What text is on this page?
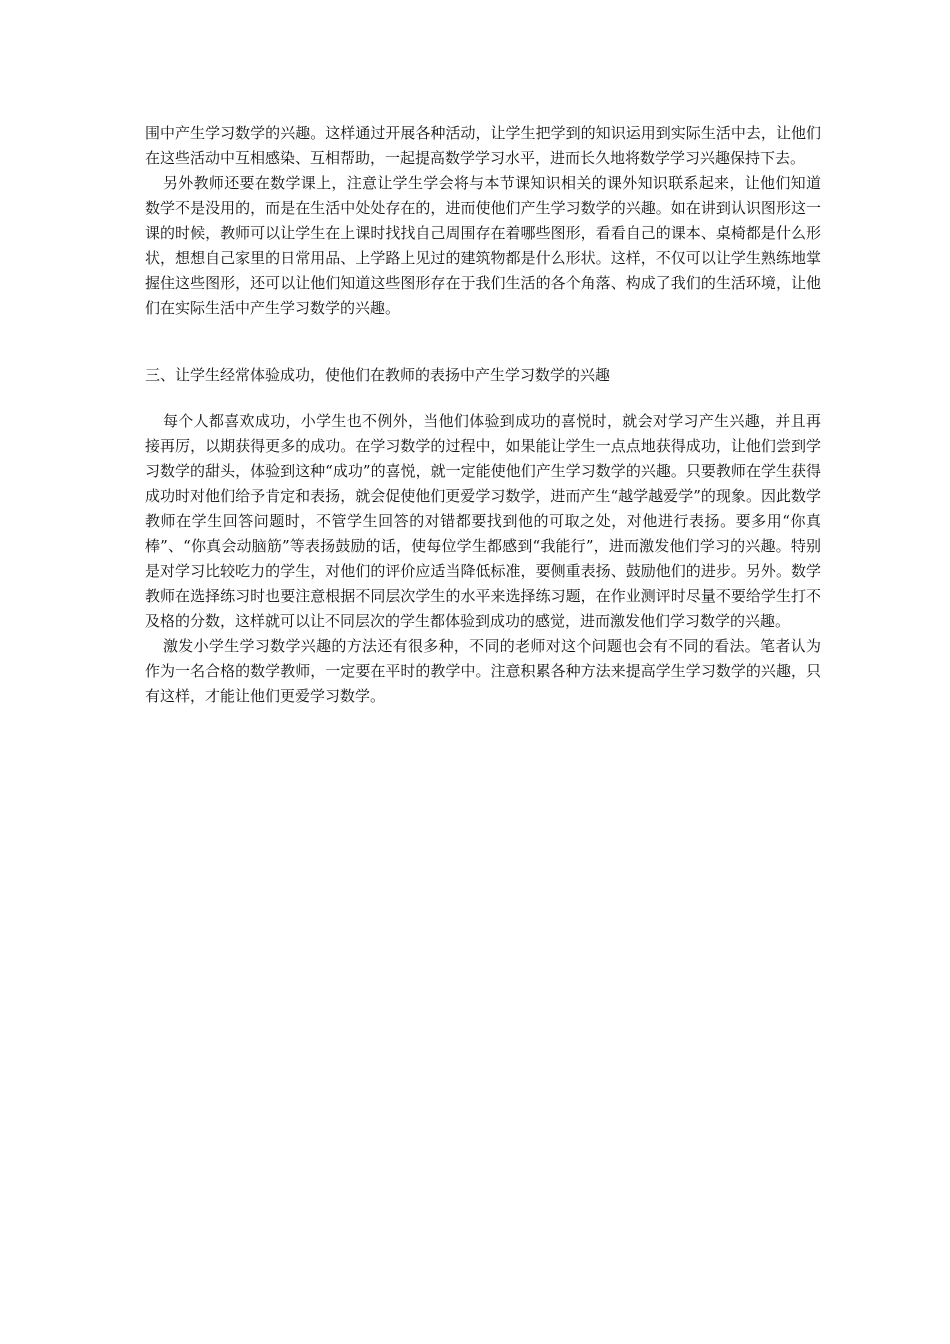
围中产生学习数学的兴趣。这样通过开展各种活动，让学生把学到的知识运用到实际生活中去，让他们在这些活动中互相感染、互相帮助，一起提高数学学习水平，进而长久地将数学学习兴趣保持下去。

另外教师还要在数学课上，注意让学生学会将与本节课知识相关的课外知识联系起来，让他们知道数学不是没用的，而是在生活中处处存在的，进而使他们产生学习数学的兴趣。如在讲到认识图形这一课的时候，教师可以让学生在上课时找找自己周围存在着哪些图形，看看自己的课本、桌椅都是什么形状，想想自己家里的日常用品、上学路上见过的建筑物都是什么形状。这样，不仅可以让学生熟练地掌握住这些图形，还可以让他们知道这些图形存在于我们生活的各个角落、构成了我们的生活环境，让他们在实际生活中产生学习数学的兴趣。

三、让学生经常体验成功，使他们在教师的表扬中产生学习数学的兴趣

每个人都喜欢成功，小学生也不例外，当他们体验到成功的喜悦时，就会对学习产生兴趣，并且再接再厉，以期获得更多的成功。在学习数学的过程中，如果能让学生一点点地获得成功，让他们尝到学习数学的甜头，体验到这种“成功”的喜悦，就一定能使他们产生学习数学的兴趣。只要教师在学生获得成功时对他们给予肯定和表扬，就会促使他们更爱学习数学，进而产生“越学越爱学”的现象。因此数学教师在学生回答问题时，不管学生回答的对错都要找到他的可取之处，对他进行表扬。要多用“你真棒”、“你真会动脑筋”等表扬鼓励的话，使每位学生都感到“我能行”，进而激发他们学习的兴趣。特别是对学习比较吃力的学生，对他们的评价应适当降低标准，要侧重表扬、鼓励他们的进步。另外。数学教师在选择练习时也要注意根据不同层次学生的水平来选择练习题，在作业测评时尽量不要给学生打不及格的分数，这样就可以让不同层次的学生都体验到成功的感觉，进而激发他们学习数学的兴趣。

激发小学生学习数学兴趣的方法还有很多种，不同的老师对这个问题也会有不同的看法。笔者认为作为一名合格的数学教师，一定要在平时的教学中。注意积累各种方法来提高学生学习数学的兴趣，只有这样，才能让他们更爱学习数学。
